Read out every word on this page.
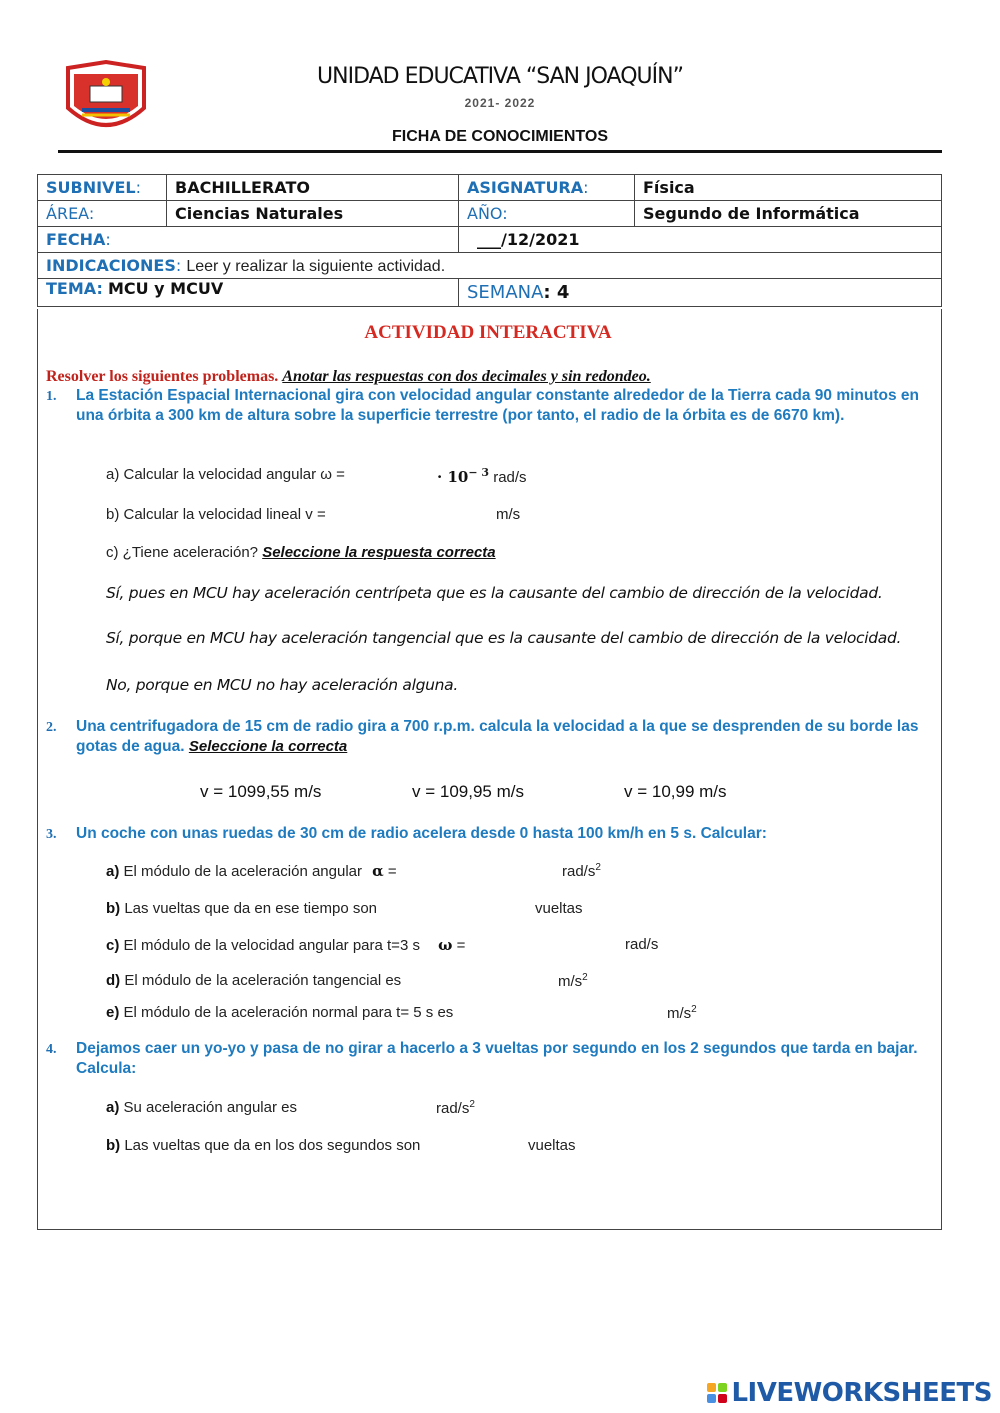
UNIDAD EDUCATIVA “SAN JOAQUÍN”
2021- 2022
FICHA DE CONOCIMIENTOS
SUBNIVEL:	BACHILLERATO	ASIGNATURA:	Física
ÁREA:	Ciencias Naturales	AÑO:	Segundo de Informática
FECHA:		___/12/2021	
INDICACIONES: Leer y realizar la siguiente actividad.			
TEMA: MCU y MCUV		SEMANA: 4	
ACTIVIDAD INTERACTIVA
Resolver los siguientes problemas. Anotar las respuestas con dos decimales y sin redondeo.
1. La Estación Espacial Internacional gira con velocidad angular constante alrededor de la Tierra cada 90 minutos en una órbita a 300 km de altura sobre la superficie terrestre (por tanto, el radio de la órbita es de 6670 km).
a) Calcular la velocidad angular ω =	· $10^{- 3}$ rad/s
b) Calcular la velocidad lineal v =	m/s
c) ¿Tiene aceleración? Seleccione la respuesta correcta
Sí, pues en MCU hay aceleración centrípeta que es la causante del cambio de dirección de la velocidad.
Sí, porque en MCU hay aceleración tangencial que es la causante del cambio de dirección de la velocidad.
No, porque en MCU no hay aceleración alguna.
2. Una centrifugadora de 15 cm de radio gira a 700 r.p.m. calcula la velocidad a la que se desprenden de su borde las gotas de agua. Seleccione la correcta
v = 1099,55 m/s	v = 109,95 m/s	v = 10,99 m/s
3. Un coche con unas ruedas de 30 cm de radio acelera desde 0 hasta 100 km/h en 5 s. Calcular:
a) El módulo de la aceleración angular α =	rad/$s^2$
b) Las vueltas que da en ese tiempo son	vueltas
c) El módulo de la velocidad angular para t=3 s ω =	rad/s
d) El módulo de la aceleración tangencial es	$m/s^2$
e) El módulo de la aceleración normal para t= 5 s es	$m/s^2$
4. Dejamos caer un yo-yo y pasa de no girar a hacerlo a 3 vueltas por segundo en los 2 segundos que tarda en bajar. Calcula:
a) Su aceleración angular es	rad/$s^2$
b) Las vueltas que da en los dos segundos son	vueltas
LIVEWORKSHEETS
